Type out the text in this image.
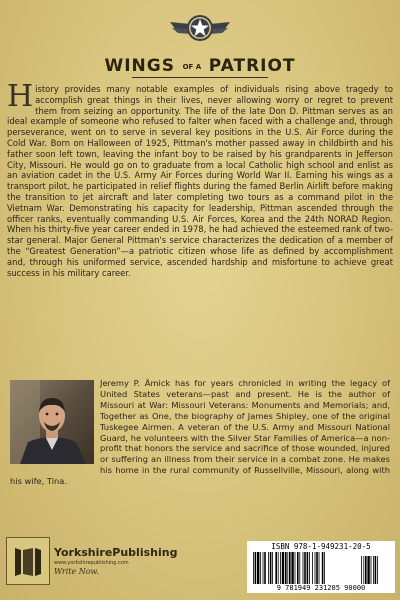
WINGS OF A PATRIOT

History provides many notable examples of individuals rising above tragedy to accomplish great things in their lives, never allowing worry or regret to prevent them from seizing an opportunity. The life of the late Don D. Pittman serves as an ideal example of someone who refused to falter when faced with a challenge and, through perseverance, went on to serve in several key positions in the U.S. Air Force during the Cold War. Born on Halloween of 1925, Pittman's mother passed away in childbirth and his father soon left town, leaving the infant boy to be raised by his grandparents in Jefferson City, Missouri. He would go on to graduate from a local Catholic high school and enlist as an aviation cadet in the U.S. Army Air Forces during World War II. Earning his wings as a transport pilot, he participated in relief flights during the famed Berlin Airlift before making the transition to jet aircraft and later completing two tours as a command pilot in the Vietnam War. Demonstrating his capacity for leadership, Pittman ascended through the officer ranks, eventually commanding U.S. Air Forces, Korea and the 24th NORAD Region. When his thirty-five year career ended in 1978, he had achieved the esteemed rank of two-star general. Major General Pittman's service characterizes the dedication of a member of the “Greatest Generation”—a patriotic citizen whose life as defined by accomplishment and, through his uniformed service, ascended hardship and misfortune to achieve great success in his military career.

Jeremy P. Ämick has for years chronicled in writing the legacy of United States veterans—past and present. He is the author of Missouri at War: Missouri Veterans: Monuments and Memorials; and, Together as One, the biography of James Shipley, one of the original Tuskegee Airmen. A veteran of the U.S. Army and Missouri National Guard, he volunteers with the Silver Star Families of America—a non-profit that honors the service and sacrifice of those wounded, injured or suffering an illness from their service in a combat zone. He makes his home in the rural community of Russellville, Missouri, along with his wife, Tina.

YorkshirePublishing
www.yorkshirepublishing.com
Write Now.
ISBN 978-1-949231-20-5
9 781949 231205 90000
